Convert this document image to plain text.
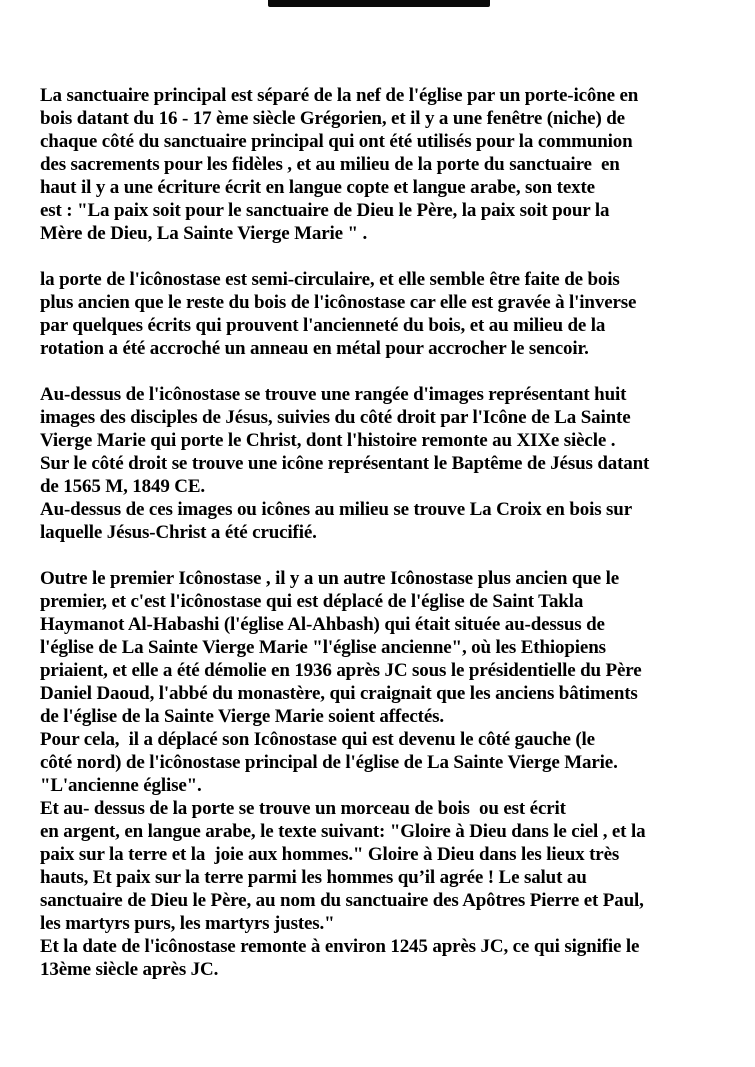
La sanctuaire principal est séparé de la nef de l'église par un porte-icône en
bois datant du 16 - 17 ème siècle Grégorien, et il y a une fenêtre (niche) de
chaque côté du sanctuaire principal qui ont été utilisés pour la communion
des sacrements pour les fidèles , et au milieu de la porte du sanctuaire  en
haut il y a une écriture écrit en langue copte et langue arabe, son texte
est : "La paix soit pour le sanctuaire de Dieu le Père, la paix soit pour la
Mère de Dieu, La Sainte Vierge Marie " .
la porte de l'icônostase est semi-circulaire, et elle semble être faite de bois
plus ancien que le reste du bois de l'icônostase car elle est gravée à l'inverse
par quelques écrits qui prouvent l'ancienneté du bois, et au milieu de la
rotation a été accroché un anneau en métal pour accrocher le sencoir.
Au-dessus de l'icônostase se trouve une rangée d'images représentant huit
images des disciples de Jésus, suivies du côté droit par l'Icône de La Sainte
Vierge Marie qui porte le Christ, dont l'histoire remonte au XIXe siècle .
Sur le côté droit se trouve une icône représentant le Baptême de Jésus datant
de 1565 M, 1849 CE.
Au-dessus de ces images ou icônes au milieu se trouve La Croix en bois sur
laquelle Jésus-Christ a été crucifié.
Outre le premier Icônostase , il y a un autre Icônostase plus ancien que le
premier, et c'est l'icônostase qui est déplacé de l'église de Saint Takla
Haymanot Al-Habashi (l'église Al-Ahbash) qui était située au-dessus de
l'église de La Sainte Vierge Marie "l'église ancienne", où les Ethiopiens
priaient, et elle a été démolie en 1936 après JC sous le présidentielle du Père
Daniel Daoud, l'abbé du monastère, qui craignait que les anciens bâtiments
de l'église de la Sainte Vierge Marie soient affectés.
Pour cela,  il a déplacé son Icônostase qui est devenu le côté gauche (le
côté nord) de l'icônostase principal de l'église de La Sainte Vierge Marie.
"L'ancienne église".
Et au- dessus de la porte se trouve un morceau de bois  ou est écrit
en argent, en langue arabe, le texte suivant: "Gloire à Dieu dans le ciel , et la
paix sur la terre et la  joie aux hommes." Gloire à Dieu dans les lieux très
hauts, Et paix sur la terre parmi les hommes qu’il agrée ! Le salut au
sanctuaire de Dieu le Père, au nom du sanctuaire des Apôtres Pierre et Paul,
les martyrs purs, les martyrs justes."
Et la date de l'icônostase remonte à environ 1245 après JC, ce qui signifie le
13ème siècle après JC.
